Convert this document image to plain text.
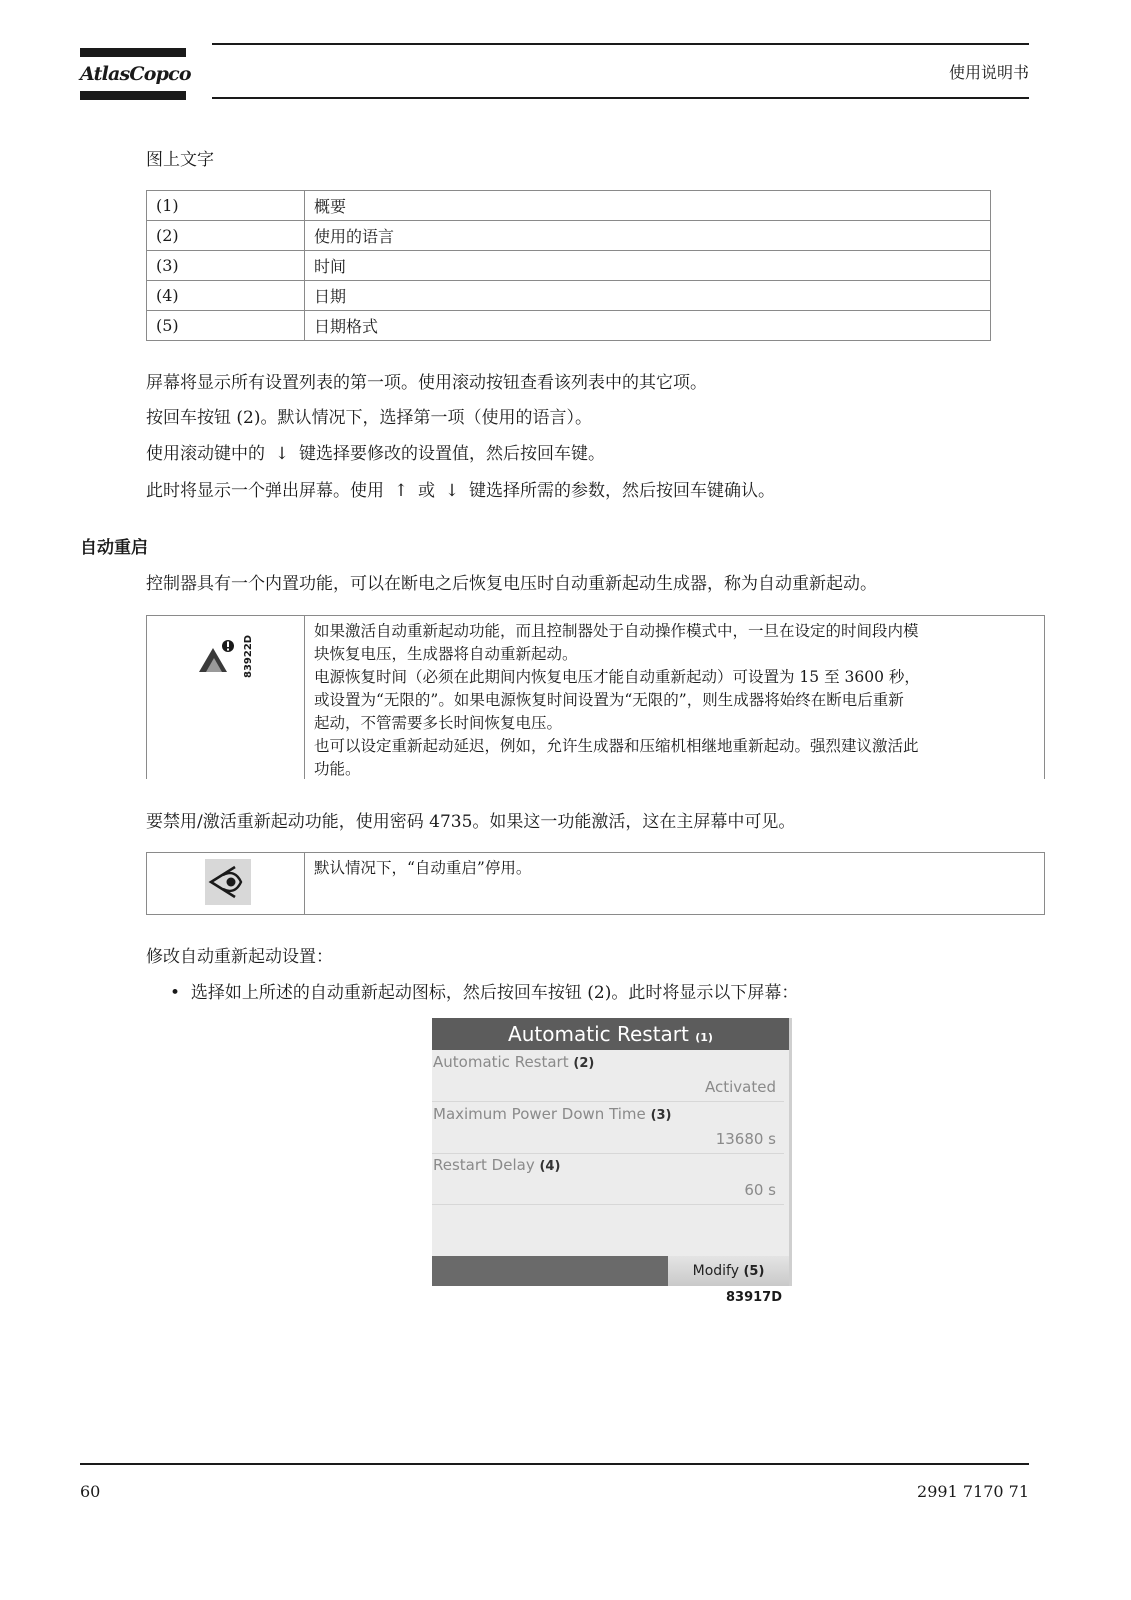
AtlasCopco	使用说明书
图上文字
(1)	概要
(2)	使用的语言
(3)	时间
(4)	日期
(5)	日期格式
屏幕将显示所有设置列表的第一项。使用滚动按钮查看该列表中的其它项。
按回车按钮 (2)。默认情况下，选择第一项（使用的语言）。
使用滚动键中的 ↓ 键选择要修改的设置值，然后按回车键。
此时将显示一个弹出屏幕。使用 ↑ 或 ↓ 键选择所需的参数，然后按回车键确认。
自动重启
控制器具有一个内置功能，可以在断电之后恢复电压时自动重新起动生成器，称为自动重新起动。
83922D
如果激活自动重新起动功能，而且控制器处于自动操作模式中，一旦在设定的时间段内模
块恢复电压，生成器将自动重新起动。
电源恢复时间（必须在此期间内恢复电压才能自动重新起动）可设置为 15 至 3600 秒，
或设置为“无限的”。如果电源恢复时间设置为“无限的”，则生成器将始终在断电后重新
起动，不管需要多长时间恢复电压。
也可以设定重新起动延迟，例如，允许生成器和压缩机相继地重新起动。强烈建议激活此
功能。
要禁用/激活重新起动功能，使用密码 4735。如果这一功能激活，这在主屏幕中可见。
默认情况下，“自动重启”停用。
修改自动重新起动设置：
•  选择如上所述的自动重新起动图标，然后按回车按钮 (2)。此时将显示以下屏幕：
Automatic Restart (1)
Automatic Restart (2)
Activated
Maximum Power Down Time (3)
13680 s
Restart Delay (4)
60 s
Modify (5)
83917D
60	2991 7170 71
